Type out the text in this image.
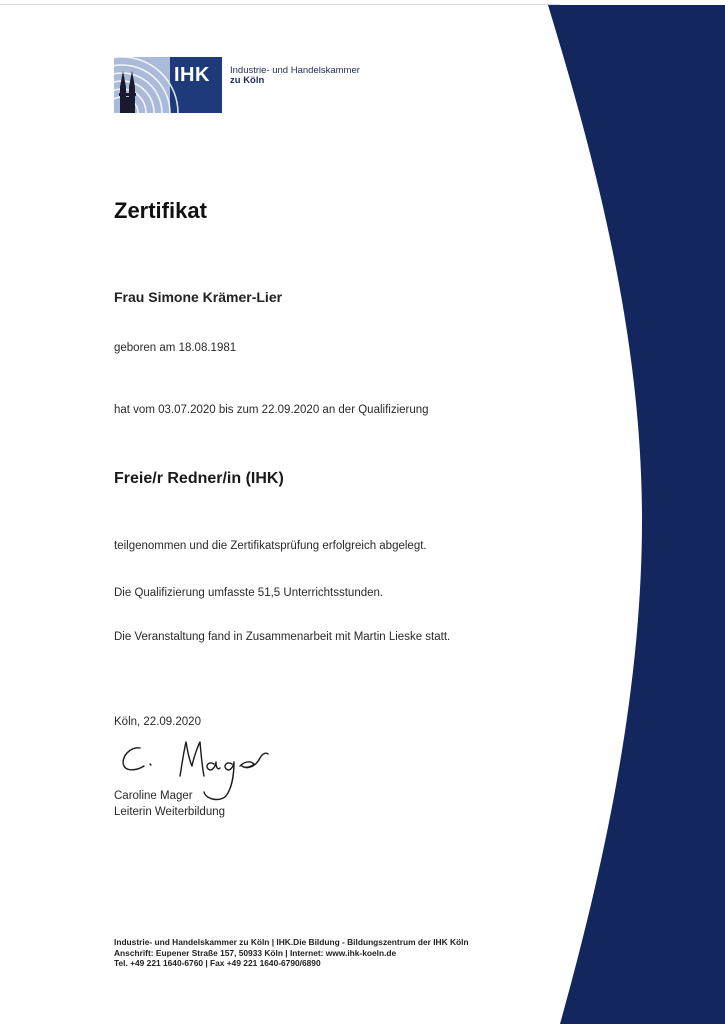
IHK Industrie- und Handelskammer
zu Köln
Zertifikat
Frau Simone Krämer-Lier
geboren am 18.08.1981
hat vom 03.07.2020 bis zum 22.09.2020 an der Qualifizierung
Freie/r Redner/in (IHK)
teilgenommen und die Zertifikatsprüfung erfolgreich abgelegt.
Die Qualifizierung umfasste 51,5 Unterrichtsstunden.
Die Veranstaltung fand in Zusammenarbeit mit Martin Lieske statt.
Köln, 22.09.2020
Caroline Mager
Leiterin Weiterbildung
Industrie- und Handelskammer zu Köln | IHK.Die Bildung - Bildungszentrum der IHK Köln
Anschrift: Eupener Straße 157, 50933 Köln | Internet: www.ihk-koeln.de
Tel. +49 221 1640-6760 | Fax +49 221 1640-6790/6890
